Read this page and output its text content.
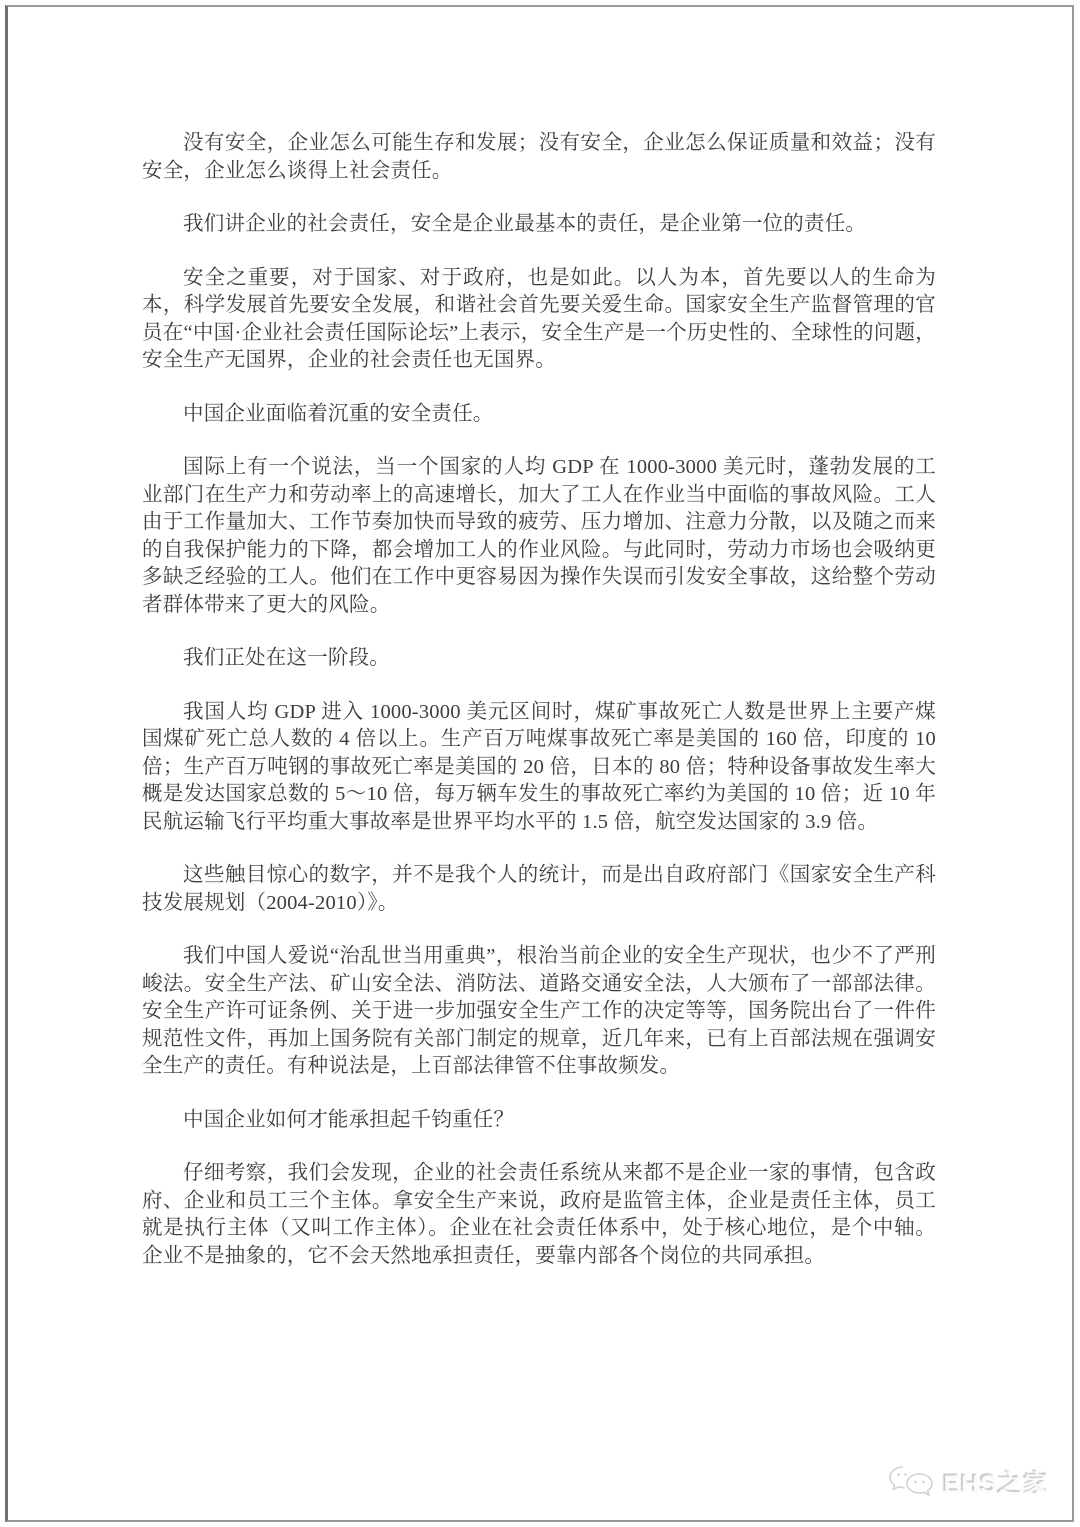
没有安全，企业怎么可能生存和发展；没有安全，企业怎么保证质量和效益；没有安全，企业怎么谈得上社会责任。

我们讲企业的社会责任，安全是企业最基本的责任，是企业第一位的责任。

安全之重要，对于国家、对于政府，也是如此。以人为本，首先要以人的生命为本，科学发展首先要安全发展，和谐社会首先要关爱生命。国家安全生产监督管理的官员在“中国·企业社会责任国际论坛”上表示，安全生产是一个历史性的、全球性的问题，安全生产无国界，企业的社会责任也无国界。

中国企业面临着沉重的安全责任。

国际上有一个说法，当一个国家的人均 GDP 在 1000-3000 美元时，蓬勃发展的工业部门在生产力和劳动率上的高速增长，加大了工人在作业当中面临的事故风险。工人由于工作量加大、工作节奏加快而导致的疲劳、压力增加、注意力分散，以及随之而来的自我保护能力的下降，都会增加工人的作业风险。与此同时，劳动力市场也会吸纳更多缺乏经验的工人。他们在工作中更容易因为操作失误而引发安全事故，这给整个劳动者群体带来了更大的风险。

我们正处在这一阶段。

我国人均 GDP 进入 1000-3000 美元区间时，煤矿事故死亡人数是世界上主要产煤国煤矿死亡总人数的 4 倍以上。生产百万吨煤事故死亡率是美国的 160 倍，印度的 10 倍；生产百万吨钢的事故死亡率是美国的 20 倍，日本的 80 倍；特种设备事故发生率大概是发达国家总数的 5～10 倍，每万辆车发生的事故死亡率约为美国的 10 倍；近 10 年民航运输飞行平均重大事故率是世界平均水平的 1.5 倍，航空发达国家的 3.9 倍。

这些触目惊心的数字，并不是我个人的统计，而是出自政府部门《国家安全生产科技发展规划（2004-2010）》。

我们中国人爱说“治乱世当用重典”，根治当前企业的安全生产现状，也少不了严刑峻法。安全生产法、矿山安全法、消防法、道路交通安全法，人大颁布了一部部法律。安全生产许可证条例、关于进一步加强安全生产工作的决定等等，国务院出台了一件件规范性文件，再加上国务院有关部门制定的规章，近几年来，已有上百部法规在强调安全生产的责任。有种说法是，上百部法律管不住事故频发。

中国企业如何才能承担起千钧重任？

仔细考察，我们会发现，企业的社会责任系统从来都不是企业一家的事情，包含政府、企业和员工三个主体。拿安全生产来说，政府是监管主体，企业是责任主体，员工就是执行主体（又叫工作主体）。企业在社会责任体系中，处于核心地位，是个中轴。企业不是抽象的，它不会天然地承担责任，要靠内部各个岗位的共同承担。

EHS之家
